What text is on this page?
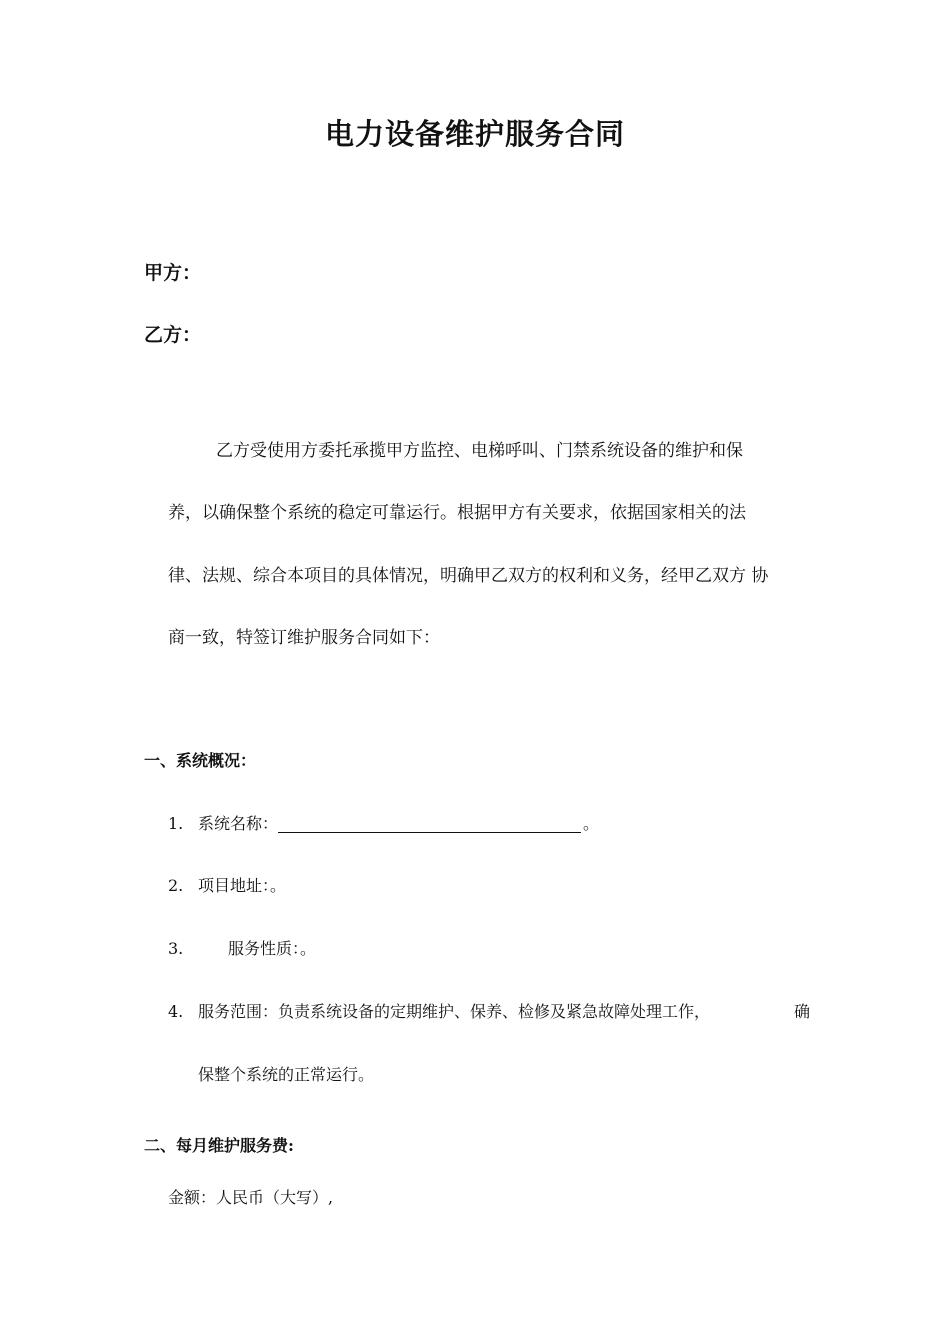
电力设备维护服务合同
甲方：
乙方：
乙方受使用方委托承揽甲方监控、电梯呼叫、门禁系统设备的维护和保
养，以确保整个系统的稳定可靠运行。根据甲方有关要求，依据国家相关的法
律、法规、综合本项目的具体情况，明确甲乙双方的权利和义务，经甲乙双方 协
商一致，特签订维护服务合同如下：
一、系统概况：
1. 系统名称：	。
2. 项目地址：。
3.	服务性质：。
4. 服务范围：负责系统设备的定期维护、保养、检修及紧急故障处理工作，	确
保整个系统的正常运行。
二、每月维护服务费:
金额：人民币（大写）,
